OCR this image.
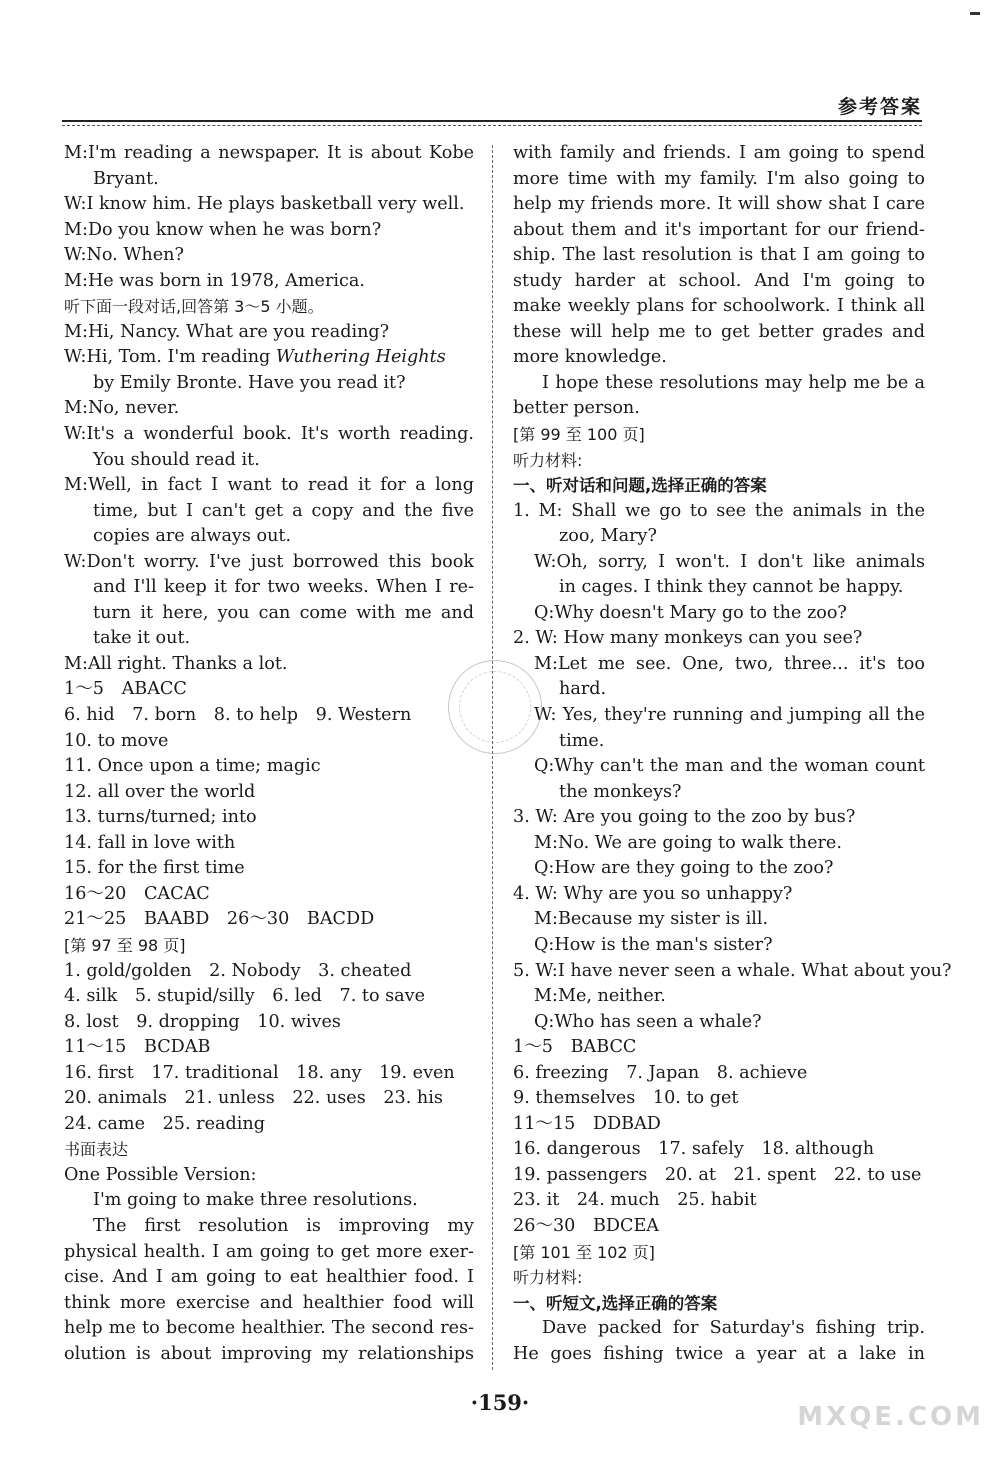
参考答案
M:I'm reading a newspaper. It is about Kobe
Bryant.
W:I know him. He plays basketball very well.
M:Do you know when he was born?
W:No. When?
M:He was born in 1978, America.
听下面一段对话,回答第 3～5 小题。
M:Hi, Nancy. What are you reading?
W:Hi, Tom. I'm reading Wuthering Heights
by Emily Bronte. Have you read it?
M:No, never.
W:It's a wonderful book. It's worth reading.
You should read it.
M:Well, in fact I want to read it for a long
time, but I can't get a copy and the five
copies are always out.
W:Don't worry. I've just borrowed this book
and I'll keep it for two weeks. When I re-
turn it here, you can come with me and
take it out.
M:All right. Thanks a lot.
1～5　ABACC
6. hid　7. born　8. to help　9. Western
10. to move
11. Once upon a time; magic
12. all over the world
13. turns/turned; into
14. fall in love with
15. for the first time
16～20　CACAC
21～25　BAABD　26～30　BACDD
[第 97 至 98 页]
1. gold/golden　2. Nobody　3. cheated
4. silk　5. stupid/silly　6. led　7. to save
8. lost　9. dropping　10. wives
11～15　BCDAB
16. first　17. traditional　18. any　19. even
20. animals　21. unless　22. uses　23. his
24. came　25. reading
书面表达
One Possible Version:
I'm going to make three resolutions.
The first resolution is improving my
physical health. I am going to get more exer-
cise. And I am going to eat healthier food. I
think more exercise and healthier food will
help me to become healthier. The second res-
olution is about improving my relationships
with family and friends. I am going to spend
more time with my family. I'm also going to
help my friends more. It will show shat I care
about them and it's important for our friend-
ship. The last resolution is that I am going to
study harder at school. And I'm going to
make weekly plans for schoolwork. I think all
these will help me to get better grades and
more knowledge.
I hope these resolutions may help me be a
better person.
[第 99 至 100 页]
听力材料:
一、听对话和问题,选择正确的答案
1. M: Shall we go to see the animals in the
zoo, Mary?
W:Oh, sorry, I won't. I don't like animals
in cages. I think they cannot be happy.
Q:Why doesn't Mary go to the zoo?
2. W: How many monkeys can you see?
M:Let me see. One, two, three... it's too
hard.
W: Yes, they're running and jumping all the
time.
Q:Why can't the man and the woman count
the monkeys?
3. W: Are you going to the zoo by bus?
M:No. We are going to walk there.
Q:How are they going to the zoo?
4. W: Why are you so unhappy?
M:Because my sister is ill.
Q:How is the man's sister?
5. W:I have never seen a whale. What about you?
M:Me, neither.
Q:Who has seen a whale?
1～5　BABCC
6. freezing　7. Japan　8. achieve
9. themselves　10. to get
11～15　DDBAD
16. dangerous　17. safely　18. although
19. passengers　20. at　21. spent　22. to use
23. it　24. much　25. habit
26～30　BDCEA
[第 101 至 102 页]
听力材料:
一、听短文,选择正确的答案
Dave packed for Saturday's fishing trip.
He goes fishing twice a year at a lake in
·159·	MXQE.COM
